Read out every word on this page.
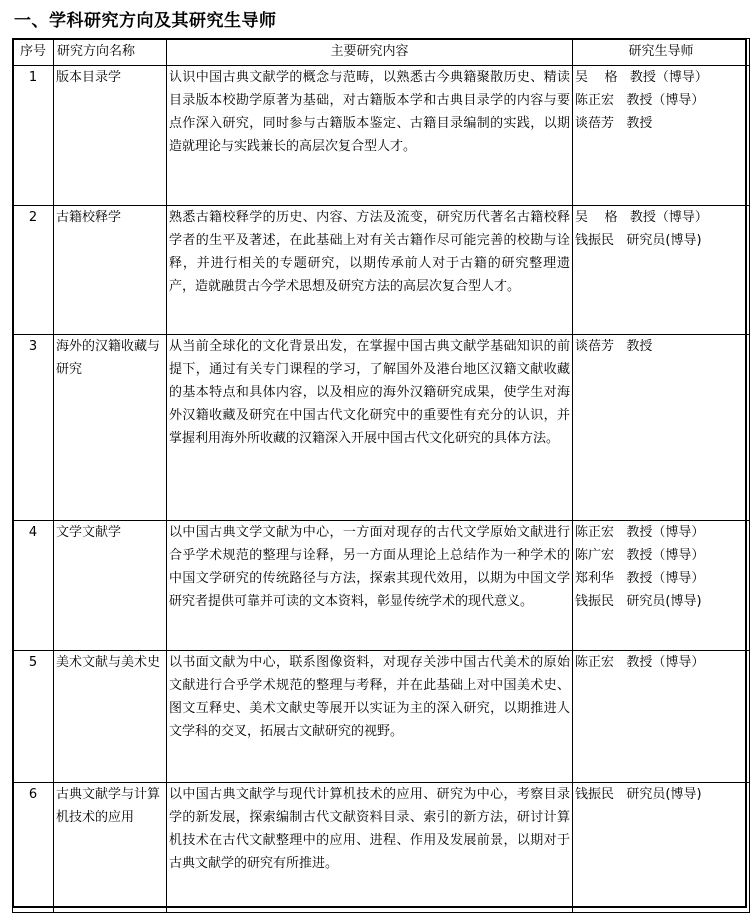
一、学科研究方向及其研究生导师
序号	研究方向名称	主要研究内容	研究生导师
1	版本目录学	认识中国古典文献学的概念与范畴，以熟悉古今典籍聚散历史、精读目录版本校勘学原著为基础，对古籍版本学和古典目录学的内容与要点作深入研究，同时参与古籍版本鉴定、古籍目录编制的实践，以期造就理论与实践兼长的高层次复合型人才。	吴    格   教授（博导）
陈正宏   教授（博导）
谈蓓芳   教授

2	古籍校释学	熟悉古籍校释学的历史、内容、方法及流变，研究历代著名古籍校释学者的生平及著述，在此基础上对有关古籍作尽可能完善的校勘与诠释，并进行相关的专题研究，以期传承前人对于古籍的研究整理遗产，造就融贯古今学术思想及研究方法的高层次复合型人才。	吴    格   教授（博导）
钱振民   研究员(博导)

3	海外的汉籍收藏与研究	从当前全球化的文化背景出发，在掌握中国古典文献学基础知识的前提下，通过有关专门课程的学习，了解国外及港台地区汉籍文献收藏的基本特点和具体内容，以及相应的海外汉籍研究成果，使学生对海外汉籍收藏及研究在中国古代文化研究中的重要性有充分的认识，并掌握利用海外所收藏的汉籍深入开展中国古代文化研究的具体方法。	谈蓓芳   教授

4	文学文献学	以中国古典文学文献为中心，一方面对现存的古代文学原始文献进行合乎学术规范的整理与诠释，另一方面从理论上总结作为一种学术的中国文学研究的传统路径与方法，探索其现代效用，以期为中国文学研究者提供可靠并可读的文本资料，彰显传统学术的现代意义。	陈正宏   教授（博导）
陈广宏   教授（博导）
郑利华   教授（博导）
钱振民   研究员(博导)

5	美术文献与美术史	以书面文献为中心，联系图像资料，对现存关涉中国古代美术的原始文献进行合乎学术规范的整理与考释，并在此基础上对中国美术史、图文互释史、美术文献史等展开以实证为主的深入研究，以期推进人文学科的交叉，拓展古文献研究的视野。	陈正宏   教授（博导）

6	古典文献学与计算机技术的应用	以中国古典文献学与现代计算机技术的应用、研究为中心，考察目录学的新发展，探索编制古代文献资料目录、索引的新方法，研讨计算机技术在古代文献整理中的应用、进程、作用及发展前景，以期对于古典文献学的研究有所推进。	钱振民   研究员(博导)
